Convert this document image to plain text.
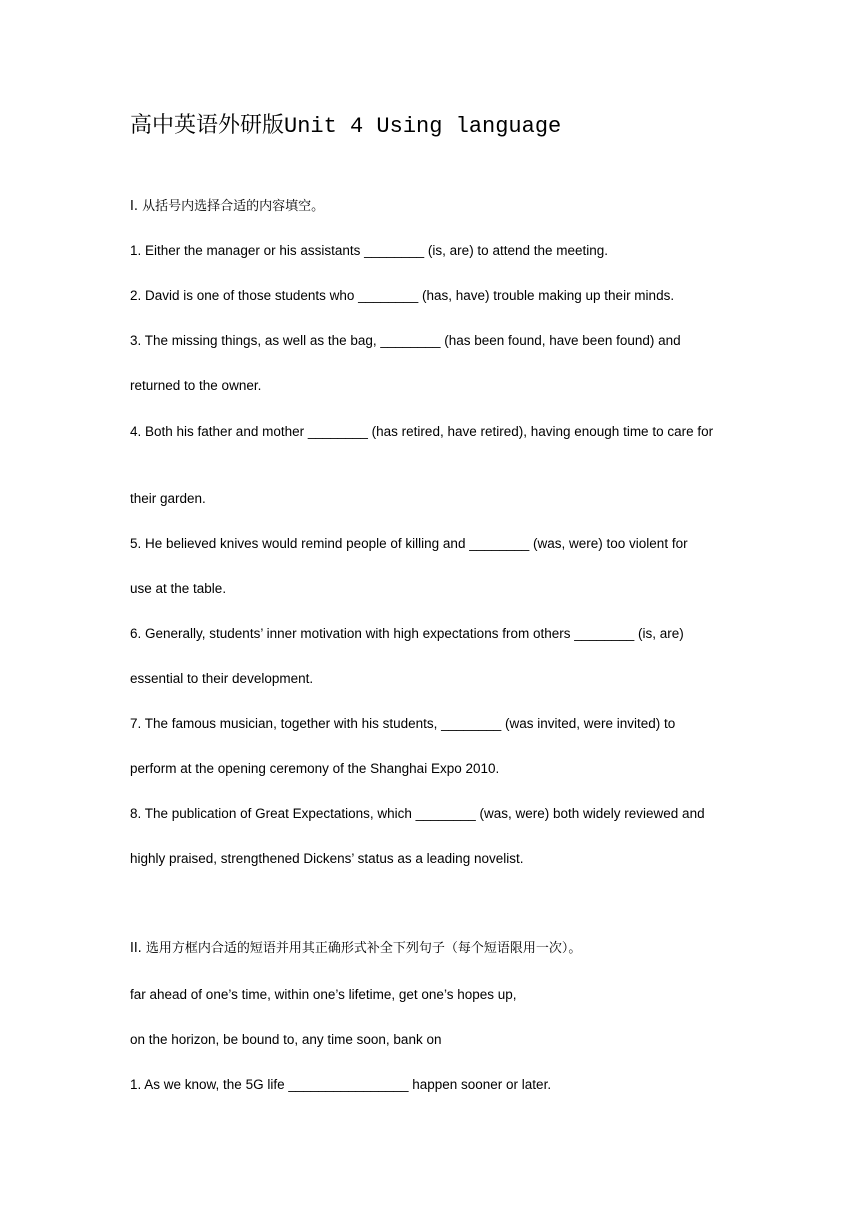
高中英语外研版Unit 4 Using language

I. 从括号内选择合适的内容填空。

1. Either the manager or his assistants ________ (is, are) to attend the meeting.

2. David is one of those students who ________ (has, have) trouble making up their minds.

3. The missing things, as well as the bag, ________ (has been found, have been found) and

returned to the owner.

4. Both his father and mother ________ (has retired, have retired), having enough time to care for

their garden.

5. He believed knives would remind people of killing and ________ (was, were) too violent for

use at the table.

6. Generally, students’ inner motivation with high expectations from others ________ (is, are)

essential to their development.

7. The famous musician, together with his students, ________ (was invited, were invited) to

perform at the opening ceremony of the Shanghai Expo 2010.

8. The publication of Great Expectations, which ________ (was, were) both widely reviewed and

highly praised, strengthened Dickens’ status as a leading novelist.

II. 选用方框内合适的短语并用其正确形式补全下列句子（每个短语限用一次）。

far ahead of one’s time, within one’s lifetime, get one’s hopes up,

on the horizon, be bound to, any time soon, bank on

1. As we know, the 5G life ________________ happen sooner or later.
